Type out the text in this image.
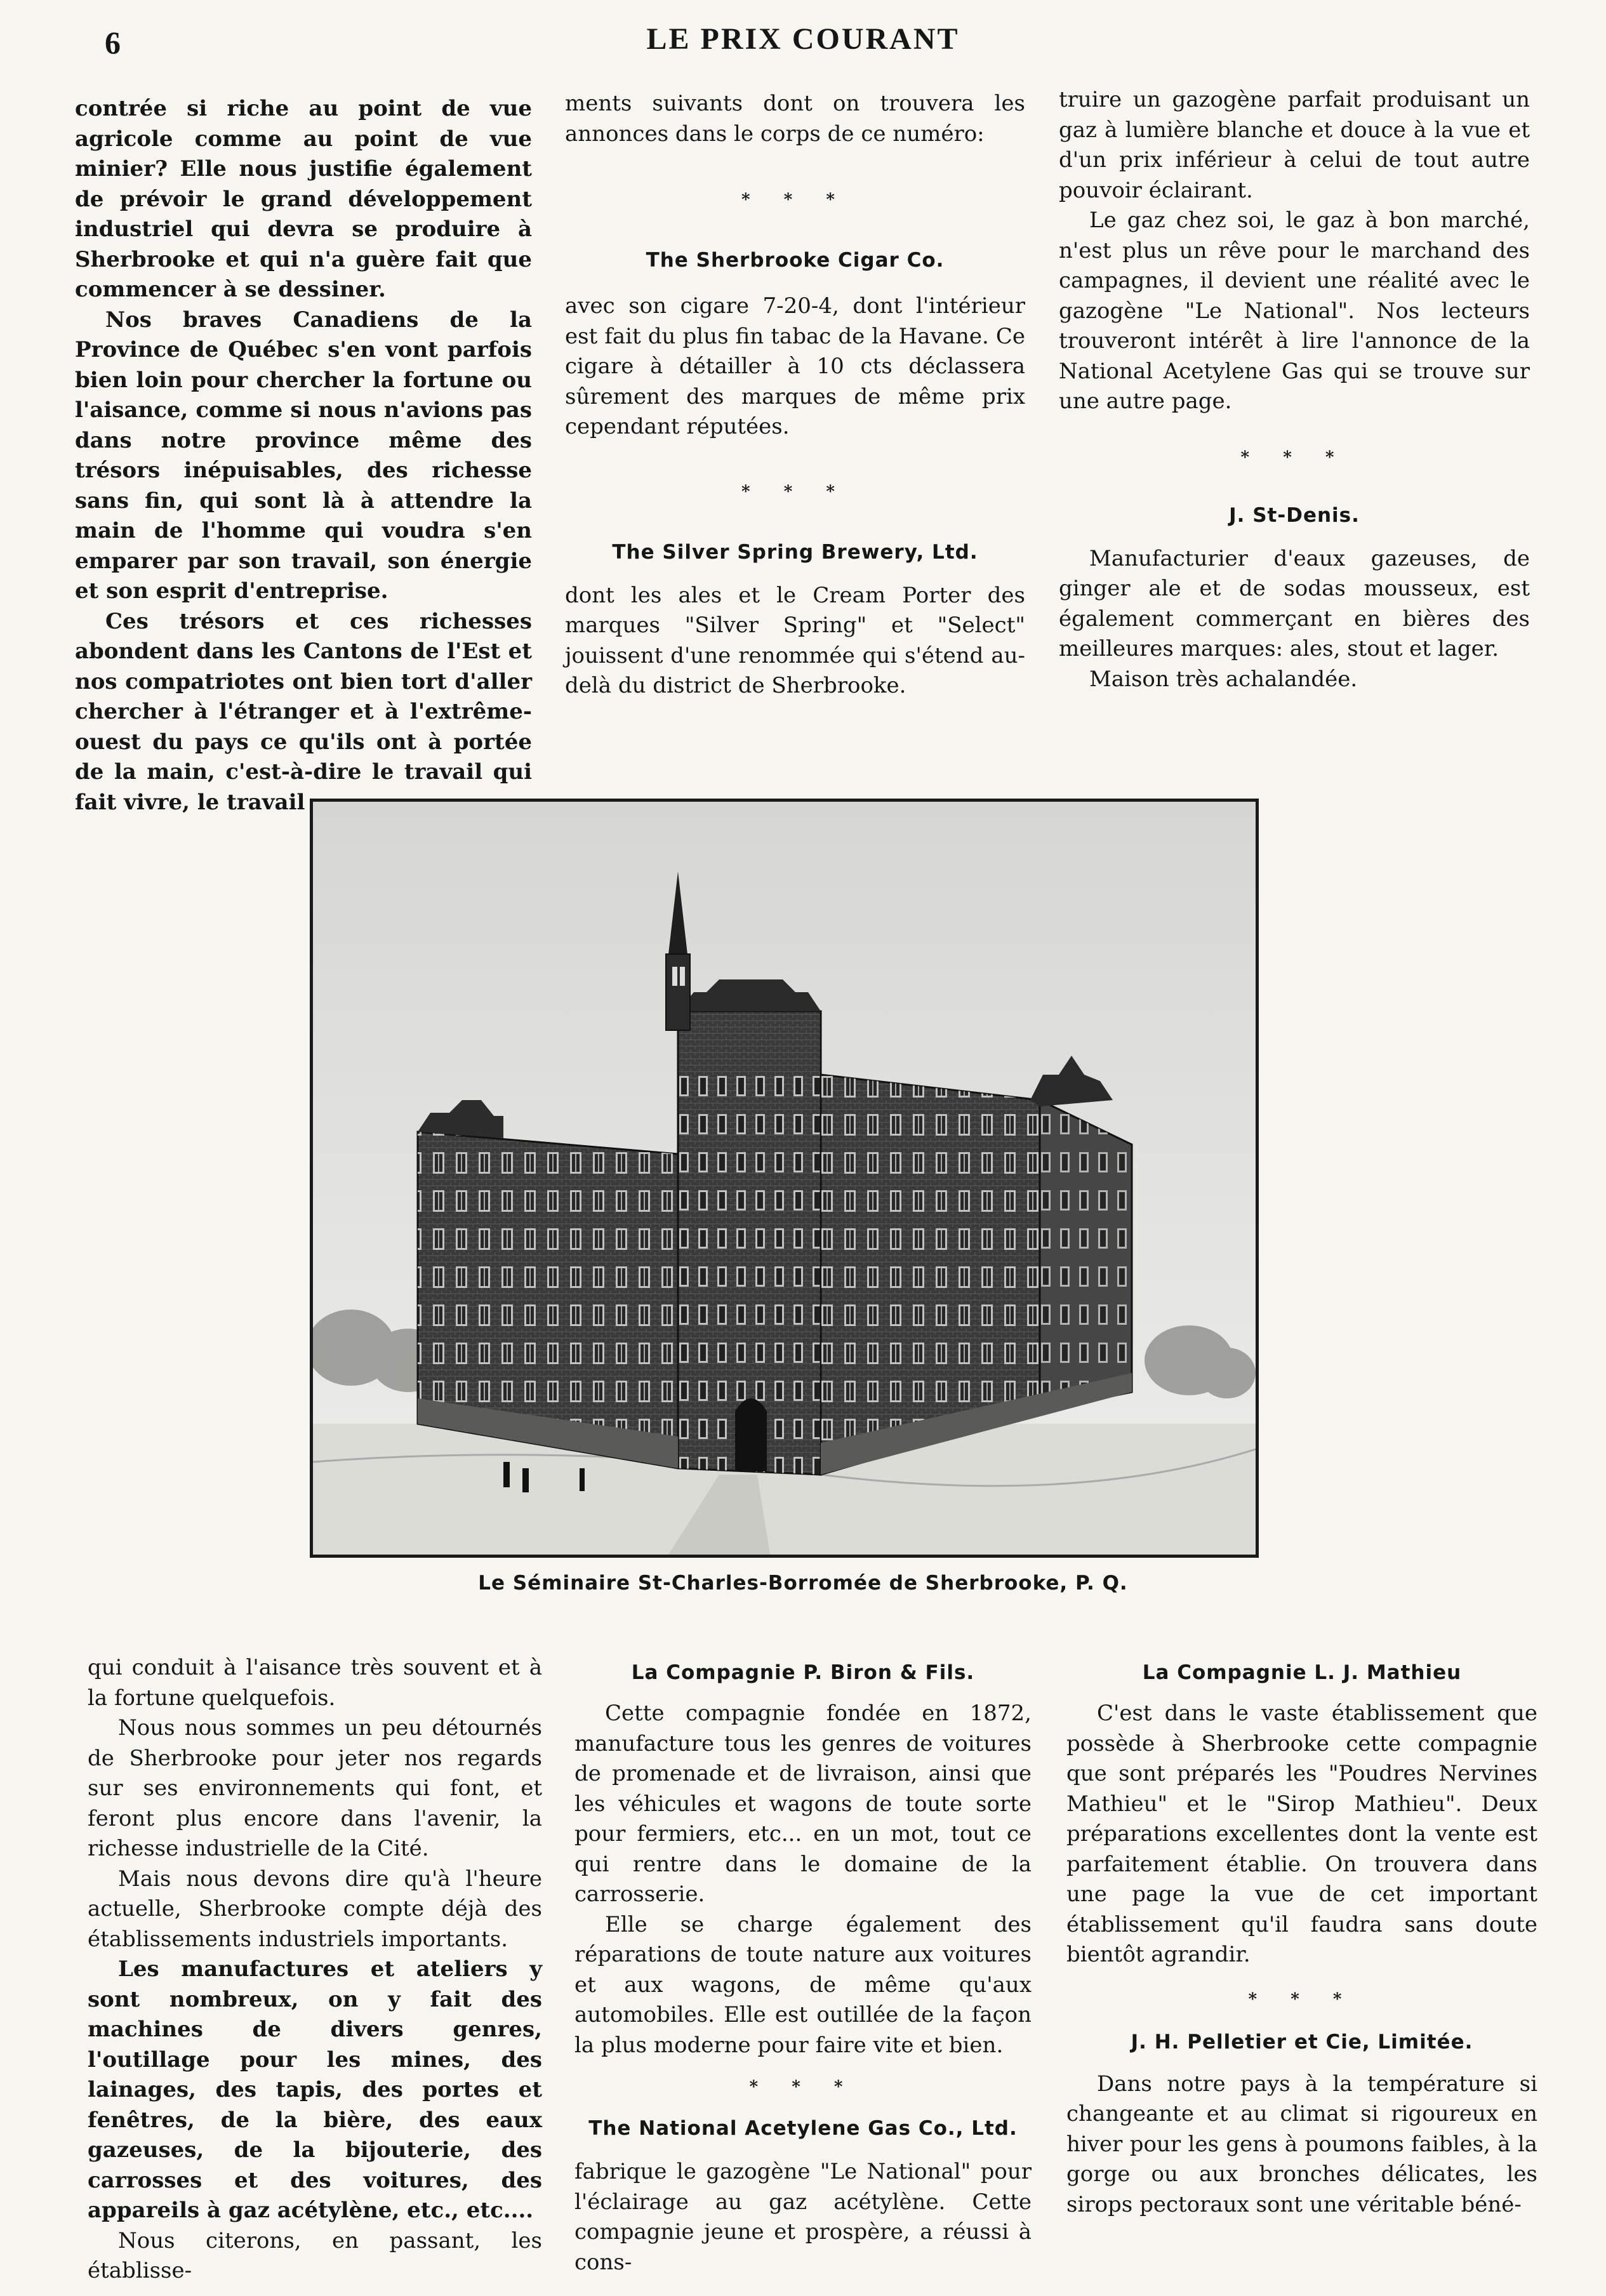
6	LE PRIX COURANT

contrée si riche au point de vue agricole comme au point de vue minier? Elle nous justifie également de prévoir le grand développement industriel qui devra se produire à Sherbrooke et qui n'a guère fait que commencer à se dessiner.

Nos braves Canadiens de la Province de Québec s'en vont parfois bien loin pour chercher la fortune ou l'aisance, comme si nous n'avions pas dans notre province même des trésors inépuisables, des richesse sans fin, qui sont là à attendre la main de l'homme qui voudra s'en emparer par son travail, son énergie et son esprit d'entreprise.

Ces trésors et ces richesses abondent dans les Cantons de l'Est et nos compatriotes ont bien tort d'aller chercher à l'étranger et à l'extrême-ouest du pays ce qu'ils ont à portée de la main, c'est-à-dire le travail qui fait vivre, le travail

ments suivants dont on trouvera les annonces dans le corps de ce numéro:

* * *
The Sherbrooke Cigar Co.

avec son cigare 7-20-4, dont l'intérieur est fait du plus fin tabac de la Havane. Ce cigare à détailler à 10 cts déclassera sûrement des marques de même prix cependant réputées.

* * *
The Silver Spring Brewery, Ltd.

dont les ales et le Cream Porter des marques "Silver Spring" et "Select" jouissent d'une renommée qui s'étend au-delà du district de Sherbrooke.

truire un gazogène parfait produisant un gaz à lumière blanche et douce à la vue et d'un prix inférieur à celui de tout autre pouvoir éclairant.

Le gaz chez soi, le gaz à bon marché, n'est plus un rêve pour le marchand des campagnes, il devient une réalité avec le gazogène "Le National". Nos lecteurs trouveront intérêt à lire l'annonce de la National Acetylene Gas qui se trouve sur une autre page.

* * *
J. St-Denis.

Manufacturier d'eaux gazeuses, de ginger ale et de sodas mousseux, est également commerçant en bières des meilleures marques: ales, stout et lager.

Maison très achalandée.

Le Séminaire St-Charles-Borromée de Sherbrooke, P. Q.

qui conduit à l'aisance très souvent et à la fortune quelquefois.

Nous nous sommes un peu détournés de Sherbrooke pour jeter nos regards sur ses environnements qui font, et feront plus encore dans l'avenir, la richesse industrielle de la Cité.

Mais nous devons dire qu'à l'heure actuelle, Sherbrooke compte déjà des établissements industriels importants.

Les manufactures et ateliers y sont nombreux, on y fait des machines de divers genres, l'outillage pour les mines, des lainages, des tapis, des portes et fenêtres, de la bière, des eaux gazeuses, de la bijouterie, des carrosses et des voitures, des appareils à gaz acétylène, etc., etc....

Nous citerons, en passant, les établisse-

La Compagnie P. Biron & Fils.

Cette compagnie fondée en 1872, manufacture tous les genres de voitures de promenade et de livraison, ainsi que les véhicules et wagons de toute sorte pour fermiers, etc... en un mot, tout ce qui rentre dans le domaine de la carrosserie.

Elle se charge également des réparations de toute nature aux voitures et aux wagons, de même qu'aux automobiles. Elle est outillée de la façon la plus moderne pour faire vite et bien.

* * *
The National Acetylene Gas Co., Ltd.

fabrique le gazogène "Le National" pour l'éclairage au gaz acétylène. Cette compagnie jeune et prospère, a réussi à cons-

La Compagnie L. J. Mathieu

C'est dans le vaste établissement que possède à Sherbrooke cette compagnie que sont préparés les "Poudres Nervines Mathieu" et le "Sirop Mathieu". Deux préparations excellentes dont la vente est parfaitement établie. On trouvera dans une page la vue de cet important établissement qu'il faudra sans doute bientôt agrandir.

* * *
J. H. Pelletier et Cie, Limitée.

Dans notre pays à la température si changeante et au climat si rigoureux en hiver pour les gens à poumons faibles, à la gorge ou aux bronches délicates, les sirops pectoraux sont une véritable béné-
